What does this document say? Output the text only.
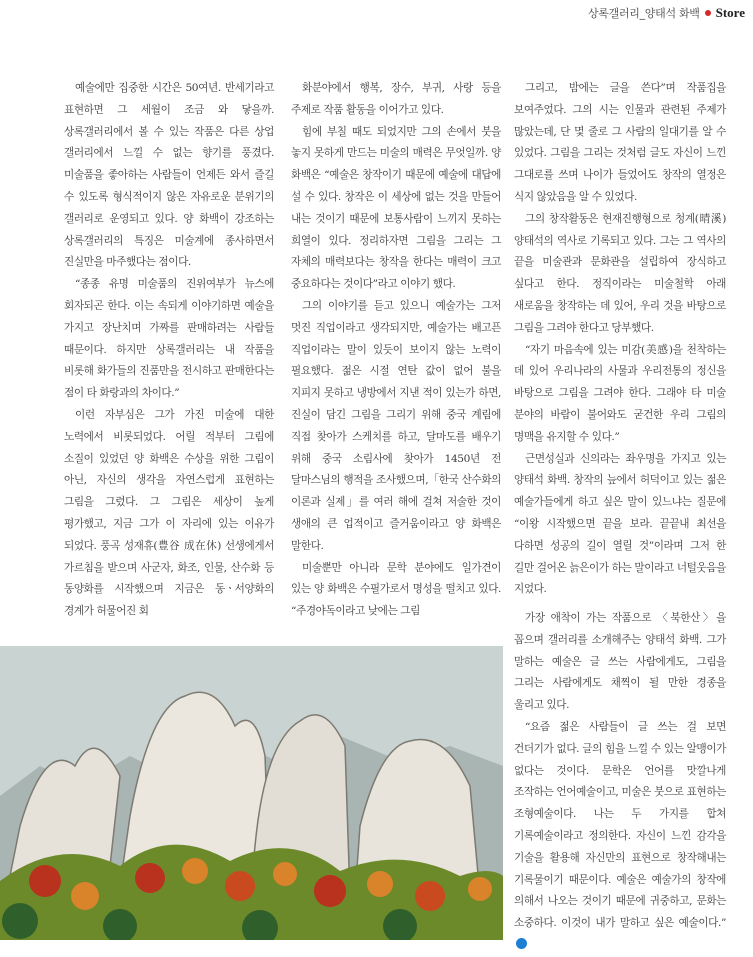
상록갤러리_양태석 화백 Store

예술에만 집중한 시간은 50여년. 반세기라고 표현하면 그 세월이 조금 와 닿을까. 상록갤러리에서 볼 수 있는 작품은 다른 상업 갤러리에서 느낄 수 없는 향기를 풍겼다. 미술품을 좋아하는 사람들이 언제든 와서 즐길 수 있도록 형식적이지 않은 자유로운 분위기의 갤러리로 운영되고 있다. 양 화백이 강조하는 상록갤러리의 특징은 미술계에 종사하면서 진실만을 마주했다는 점이다.

“종종 유명 미술품의 진위여부가 뉴스에 회자되곤 한다. 이는 속되게 이야기하면 예술을 가지고 장난치며 가짜를 판매하려는 사람들 때문이다. 하지만 상록갤러리는 내 작품을 비롯해 화가들의 진품만을 전시하고 판매한다는 점이 타 화랑과의 차이다.”

이런 자부심은 그가 가진 미술에 대한 노력에서 비롯되었다. 어릴 적부터 그림에 소질이 있었던 양 화백은 수상을 위한 그림이 아닌, 자신의 생각을 자연스럽게 표현하는 그림을 그렸다. 그 그림은 세상이 높게 평가했고, 지금 그가 이 자리에 있는 이유가 되었다. 풍곡 성재휴(豊谷 成在休) 선생에게서 가르침을 받으며 사군자, 화조, 인물, 산수화 등 동양화를 시작했으며 지금은 동ㆍ서양화의 경계가 허물어진 회

화분야에서 행복, 장수, 부귀, 사랑 등을 주제로 작품 활동을 이어가고 있다.

힘에 부칠 때도 되었지만 그의 손에서 붓을 놓지 못하게 만드는 미술의 매력은 무엇일까. 양 화백은 “예술은 창작이기 때문에 예술에 대답에 설 수 있다. 창작은 이 세상에 없는 것을 만들어 내는 것이기 때문에 보통사람이 느끼지 못하는 희열이 있다. 정리하자면 그림을 그리는 그 자체의 매력보다는 창작을 한다는 매력이 크고 중요하다는 것이다”라고 이야기 했다.

그의 이야기를 듣고 있으니 예술가는 그저 멋진 직업이라고 생각되지만, 예술가는 배고픈 직업이라는 말이 있듯이 보이지 않는 노력이 필요했다. 젊은 시절 연탄 값이 없어 불을 지피지 못하고 냉방에서 지낸 적이 있는가 하면, 진실이 담긴 그림을 그리기 위해 중국 계림에 직접 찾아가 스케치를 하고, 달마도를 배우기 위해 중국 소림사에 찾아가 1450년 전 달마스님의 행적을 조사했으며,「한국 산수화의 이론과 실제」를 여러 해에 걸쳐 저술한 것이 생애의 큰 업적이고 즐거움이라고 양 화백은 말한다.

미술뿐만 아니라 문학 분야에도 일가견이 있는 양 화백은 수필가로서 명성을 떨치고 있다. “주경야독이라고 낮에는 그림

그리고, 밤에는 글을 쓴다”며 작품집을 보여주었다. 그의 시는 인물과 관련된 주제가 많았는데, 단 몇 줄로 그 사람의 일대기를 알 수 있었다. 그림을 그리는 것처럼 글도 자신이 느낀 그대로를 쓰며 나이가 들었어도 창작의 열정은 식지 않았음을 알 수 있었다.

그의 창작활동은 현재진행형으로 청계(晴溪) 양태석의 역사로 기록되고 있다. 그는 그 역사의 끝을 미술관과 문화관을 설립하여 장식하고 싶다고 한다. 정직이라는 미술철학 아래 새로움을 창작하는 데 있어, 우리 것을 바탕으로 그림을 그려야 한다고 당부했다.

“자기 마음속에 있는 미감(美感)을 천착하는 데 있어 우리나라의 사물과 우리전통의 정신을 바탕으로 그림을 그려야 한다. 그래야 타 미술 분야의 바람이 불어와도 굳건한 우리 그림의 명맥을 유지할 수 있다.”

근면성실과 신의라는 좌우명을 가지고 있는 양태석 화백. 창작의 늪에서 허덕이고 있는 젊은 예술가들에게 하고 싶은 말이 있느냐는 질문에 “이왕 시작했으면 끝을 보라. 끝끝내 최선을 다하면 성공의 길이 열릴 것”이라며 그저 한 길만 걸어온 늙은이가 하는 말이라고 너털웃음을 지었다.

가장 애착이 가는 작품으로 〈북한산〉을 꼽으며 갤러리를 소개해주는 양태석 화백. 그가 말하는 예술은 글 쓰는 사람에게도, 그림을 그리는 사람에게도 채찍이 될 만한 경종을 울리고 있다.

“요즘 젊은 사람들이 글 쓰는 걸 보면 건더기가 없다. 글의 힘을 느낄 수 있는 알맹이가 없다는 것이다. 문학은 언어를 맛깔나게 조작하는 언어예술이고, 미술은 붓으로 표현하는 조형예술이다. 나는 두 가지를 합쳐 기록예술이라고 정의한다. 자신이 느낀 감각을 기술을 활용해 자신만의 표현으로 창작해내는 기록물이기 때문이다. 예술은 예술가의 창작에 의해서 나오는 것이기 때문에 귀중하고, 문화는 소중하다. 이것이 내가 말하고 싶은 예술이다.”
